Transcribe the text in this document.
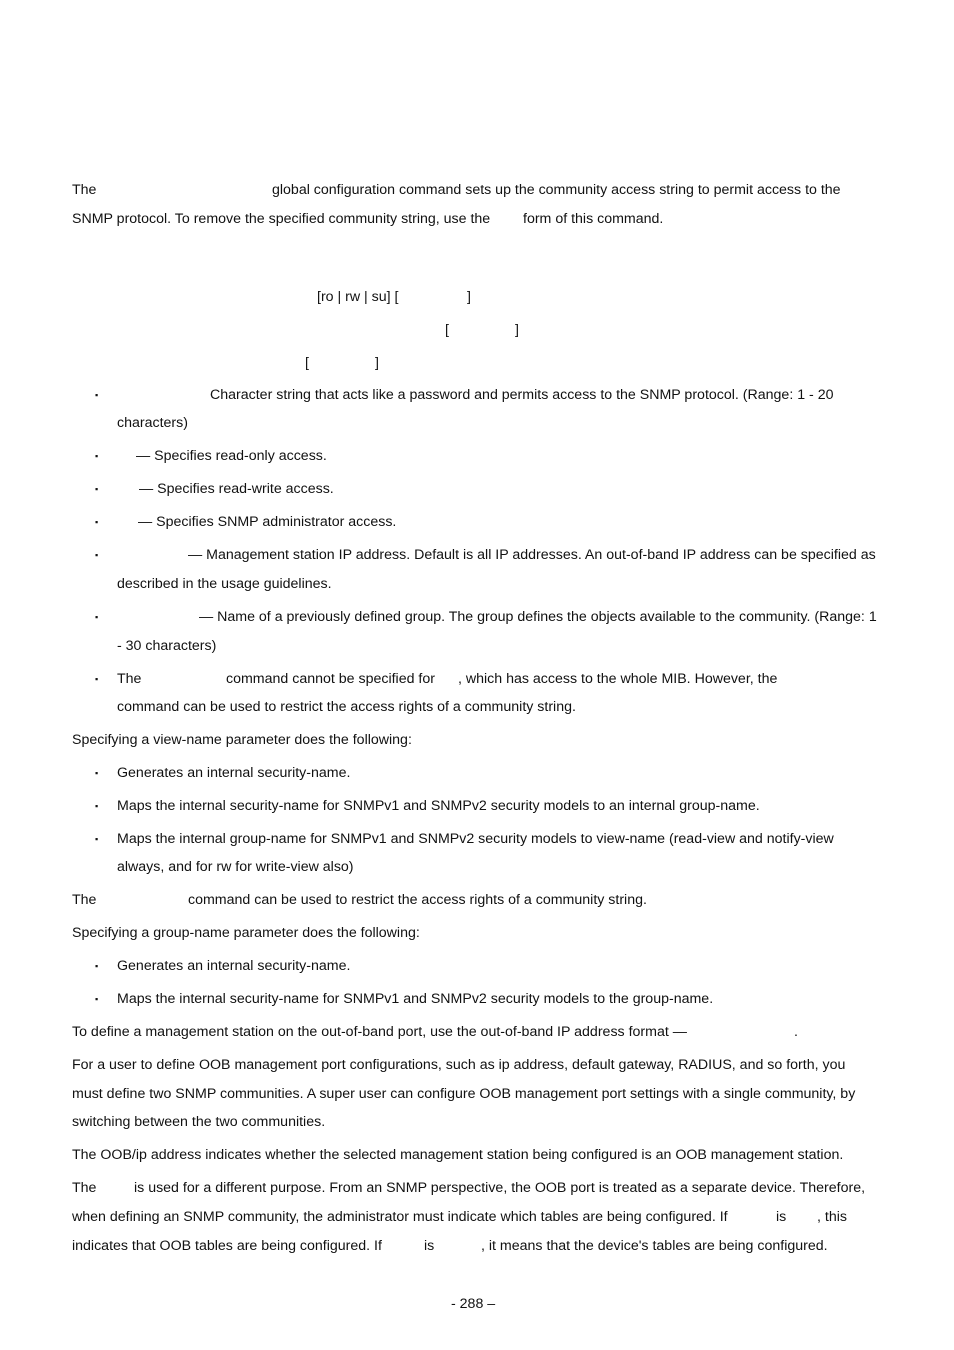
The	global configuration command sets up the community access string to permit access to the
SNMP protocol. To remove the specified community string, use the form of this command.
[ro | rw | su] [	]
[	]
[	]
▪	Character string that acts like a password and permits access to the SNMP protocol. (Range: 1 - 20
characters)
▪	— Specifies read-only access.
▪	— Specifies read-write access.
▪	— Specifies SNMP administrator access.
▪	— Management station IP address. Default is all IP addresses. An out-of-band IP address can be specified as
described in the usage guidelines.
▪	— Name of a previously defined group. The group defines the objects available to the community. (Range: 1
- 30 characters)
▪ The	command cannot be specified for , which has access to the whole MIB. However, the
command can be used to restrict the access rights of a community string.
Specifying a view-name parameter does the following:
▪ Generates an internal security-name.
▪ Maps the internal security-name for SNMPv1 and SNMPv2 security models to an internal group-name.
▪ Maps the internal group-name for SNMPv1 and SNMPv2 security models to view-name (read-view and notify-view
always, and for rw for write-view also)
The	command can be used to restrict the access rights of a community string.
Specifying a group-name parameter does the following:
▪ Generates an internal security-name.
▪ Maps the internal security-name for SNMPv1 and SNMPv2 security models to the group-name.
To define a management station on the out-of-band port, use the out-of-band IP address format —	.
For a user to define OOB management port configurations, such as ip address, default gateway, RADIUS, and so forth, you
must define two SNMP communities. A super user can configure OOB management port settings with a single community, by
switching between the two communities.
The OOB/ip address indicates whether the selected management station being configured is an OOB management station.
The	is used for a different purpose. From an SNMP perspective, the OOB port is treated as a separate device. Therefore,
when defining an SNMP community, the administrator must indicate which tables are being configured. If	is , this
indicates that OOB tables are being configured. If	is	, it means that the device's tables are being configured.
- 288 –
